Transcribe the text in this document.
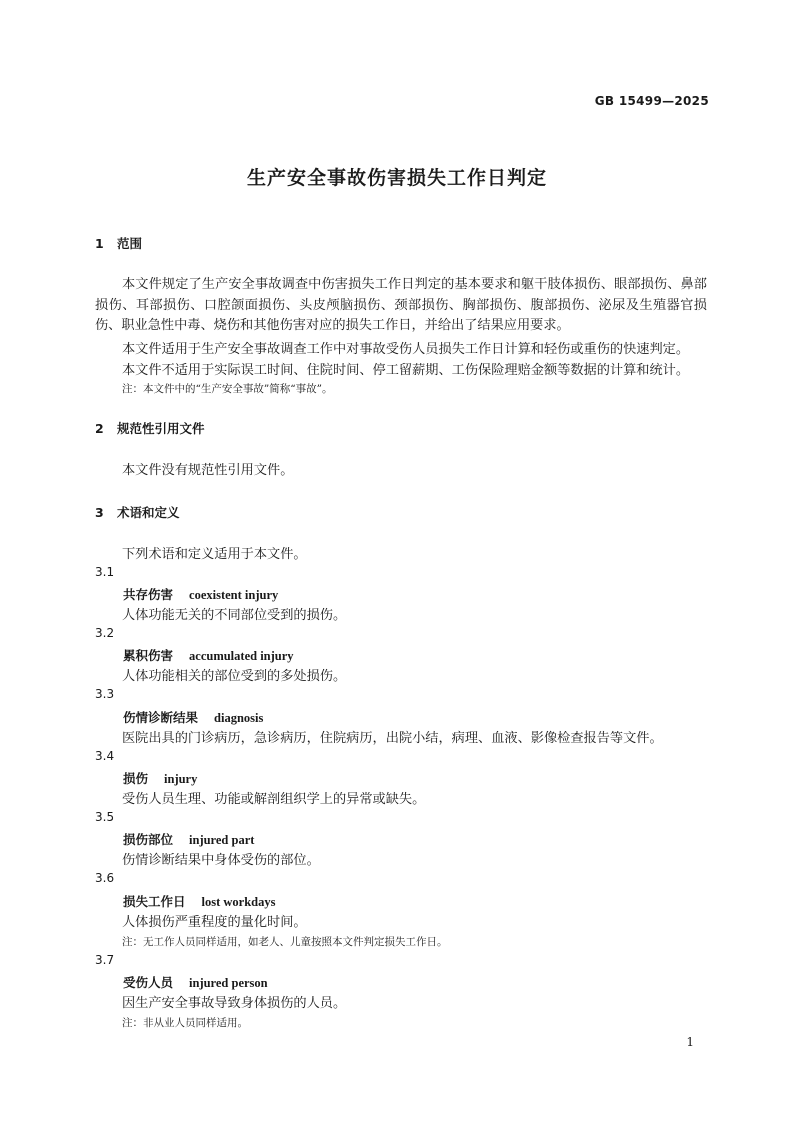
GB 15499—2025
生产安全事故伤害损失工作日判定
1 范围
本文件规定了生产安全事故调查中伤害损失工作日判定的基本要求和躯干肢体损伤、眼部损伤、鼻部损伤、耳部损伤、口腔颌面损伤、头皮颅脑损伤、颈部损伤、胸部损伤、腹部损伤、泌尿及生殖器官损伤、职业急性中毒、烧伤和其他伤害对应的损失工作日，并给出了结果应用要求。
本文件适用于生产安全事故调查工作中对事故受伤人员损失工作日计算和轻伤或重伤的快速判定。
本文件不适用于实际误工时间、住院时间、停工留薪期、工伤保险理赔金额等数据的计算和统计。
注：本文件中的“生产安全事故”简称“事故”。
2 规范性引用文件
本文件没有规范性引用文件。
3 术语和定义
下列术语和定义适用于本文件。
3.1
共存伤害 coexistent injury
人体功能无关的不同部位受到的损伤。
3.2
累积伤害 accumulated injury
人体功能相关的部位受到的多处损伤。
3.3
伤情诊断结果 diagnosis
医院出具的门诊病历，急诊病历，住院病历，出院小结，病理、血液、影像检查报告等文件。
3.4
损伤 injury
受伤人员生理、功能或解剖组织学上的异常或缺失。
3.5
损伤部位 injured part
伤情诊断结果中身体受伤的部位。
3.6
损失工作日 lost workdays
人体损伤严重程度的量化时间。
注：无工作人员同样适用，如老人、儿童按照本文件判定损失工作日。
3.7
受伤人员 injured person
因生产安全事故导致身体损伤的人员。
注：非从业人员同样适用。
1
